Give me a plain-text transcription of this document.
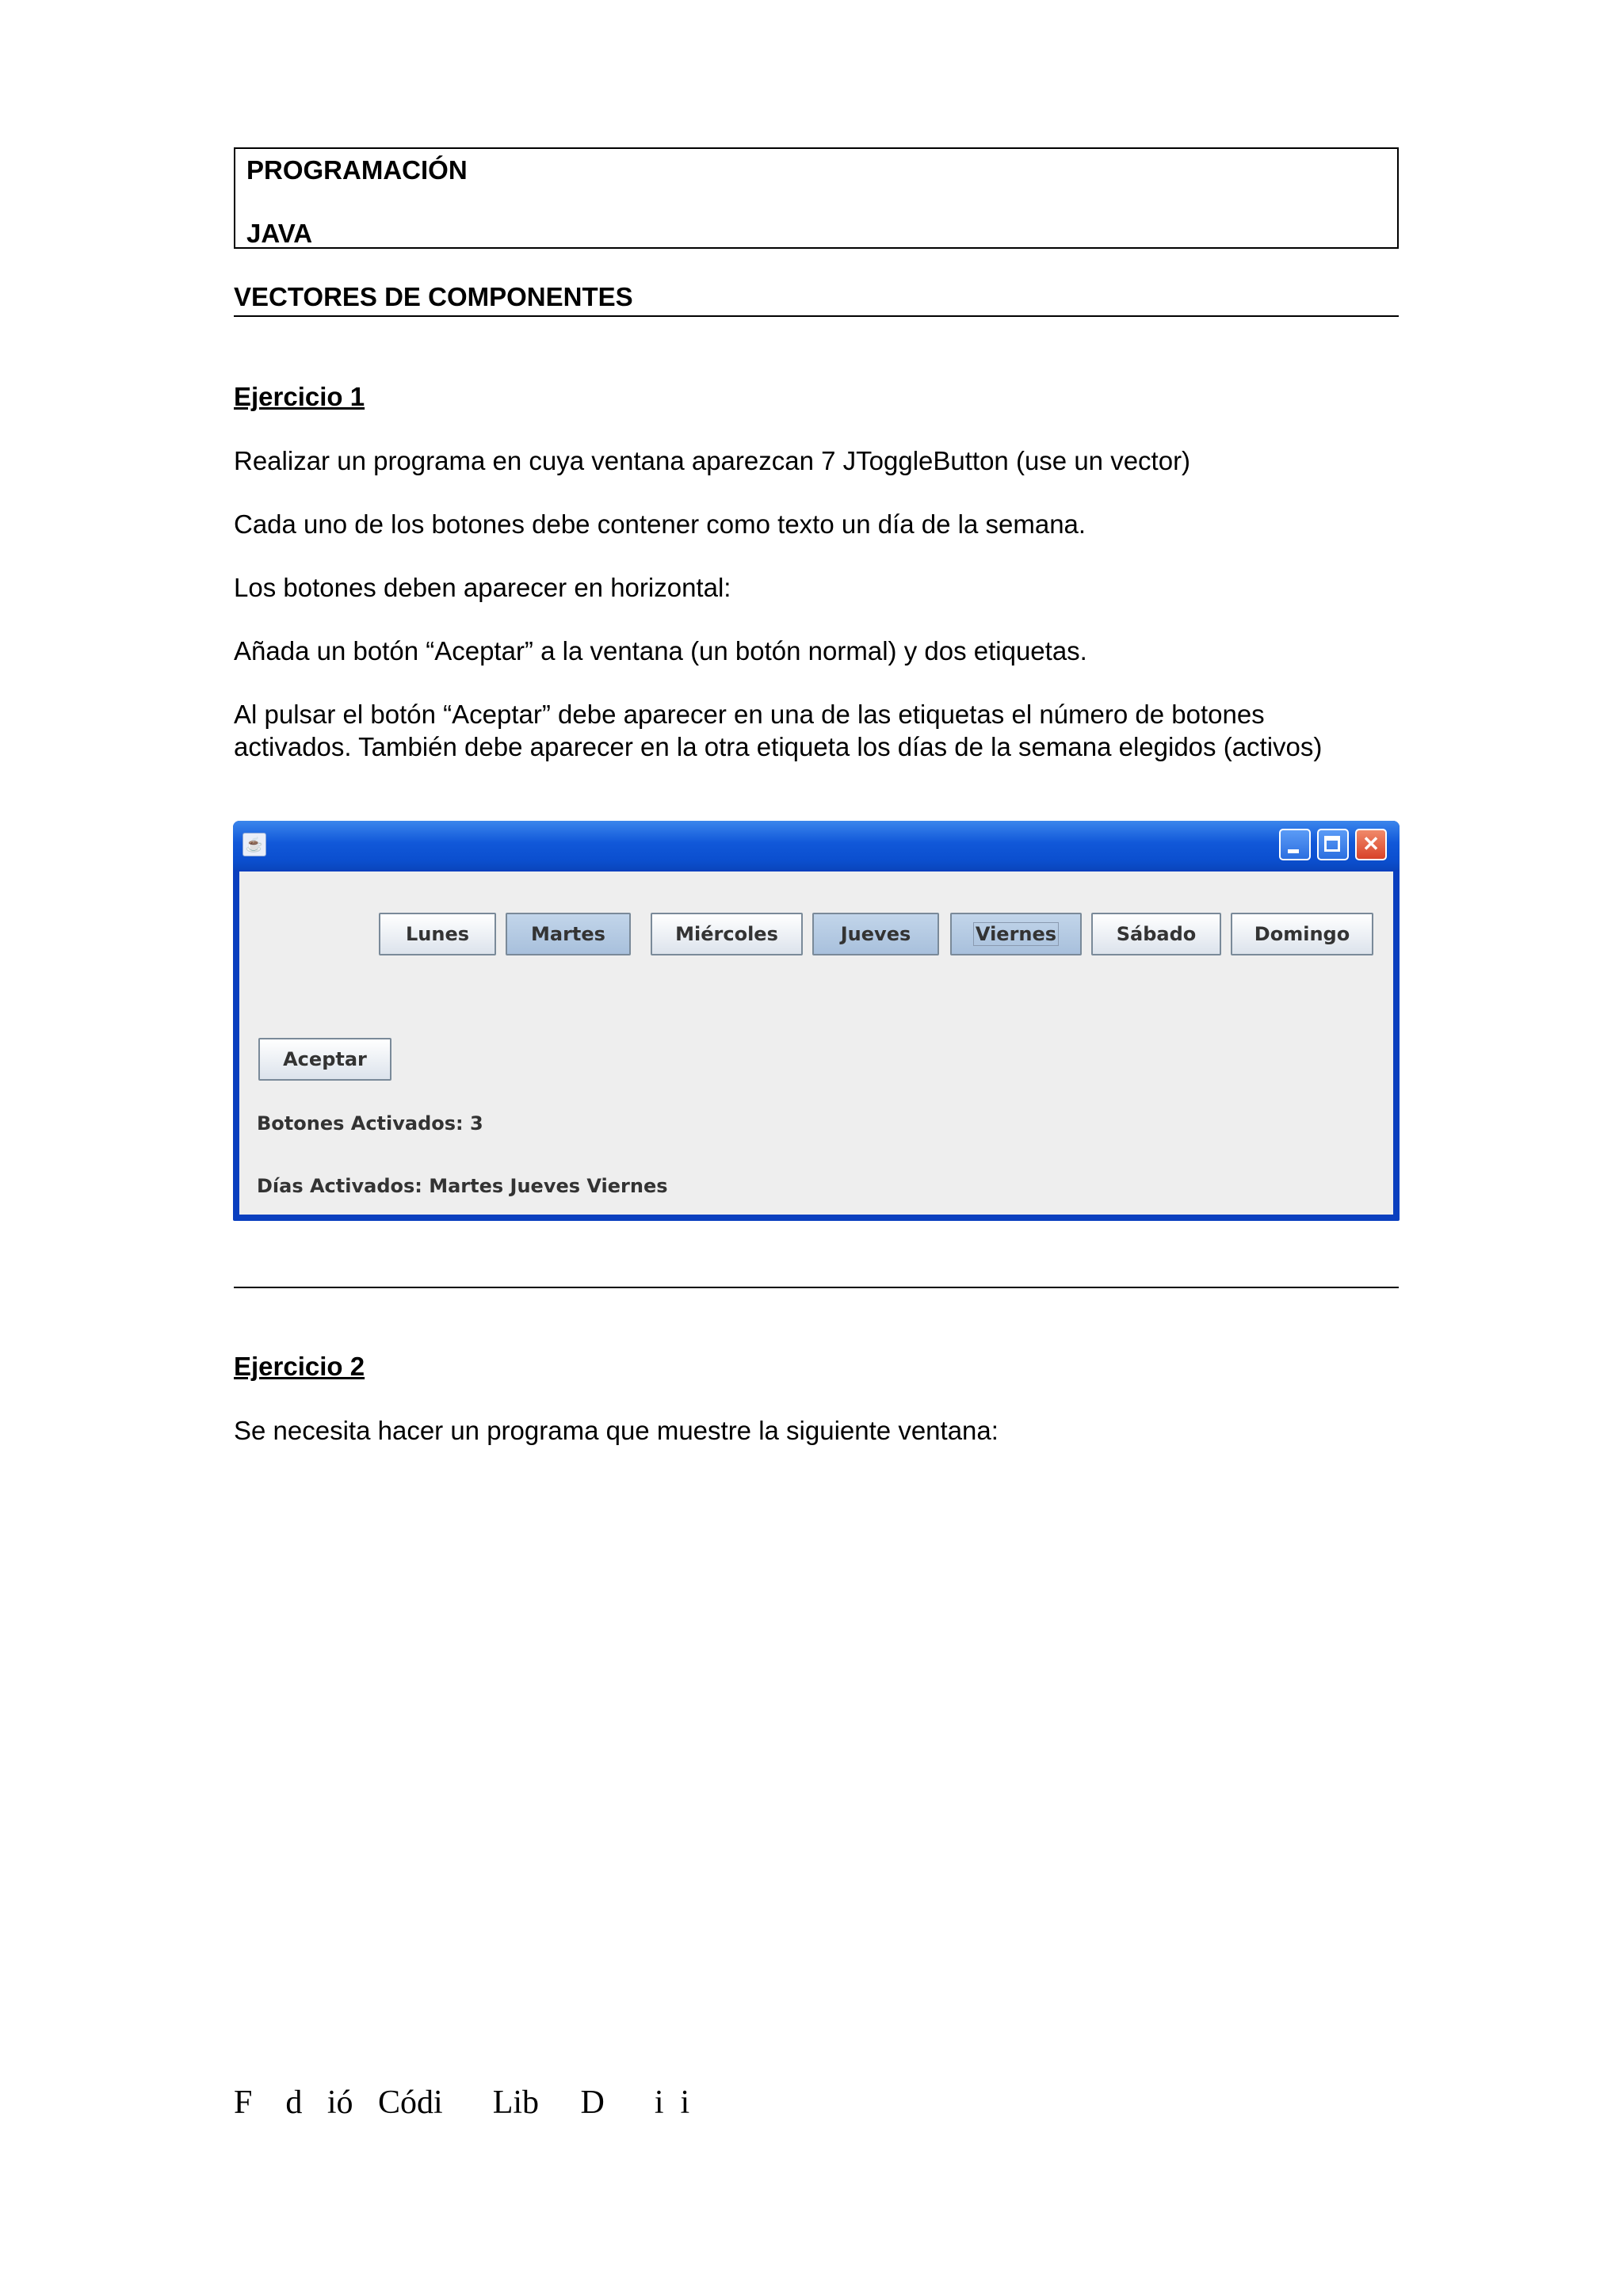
PROGRAMACIÓN
JAVA
VECTORES DE COMPONENTES
Ejercicio 1
Realizar un programa en cuya ventana aparezcan 7 JToggleButton (use un vector)
Cada uno de los botones debe contener como texto un día de la semana.
Los botones deben aparecer en horizontal:
Añada un botón “Aceptar” a la ventana (un botón normal) y dos etiquetas.
Al pulsar el botón “Aceptar” debe aparecer en una de las etiquetas el número de botones
activados. También debe aparecer en la otra etiqueta los días de la semana elegidos (activos)
☕	✕
Lunes	Martes	Miércoles	Jueves	Viernes	Sábado	Domingo
Aceptar
Botones Activados: 3
Días Activados: Martes Jueves Viernes
Ejercicio 2
Se necesita hacer un programa que muestre la siguiente ventana:
F    d   ió   Códi      Lib     D      i  i
